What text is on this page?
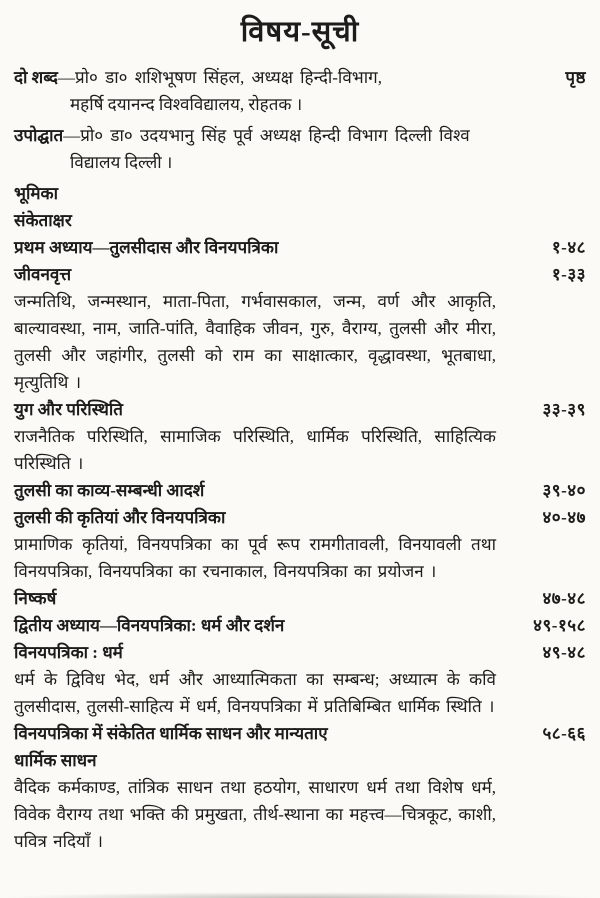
विषय-सूची
दो शब्द —प्रो० डा० शशिभूषण सिंहल, अध्यक्ष हिन्दी-विभाग,	पृष्ठ
महर्षि दयानन्द विश्वविद्यालय, रोहतक ।
उपोद्घात —प्रो० डा० उदयभानु सिंह पूर्व अध्यक्ष हिन्दी विभाग दिल्ली विश्व
विद्यालय दिल्ली ।
भूमिका
संकेताक्षर
प्रथम अध्याय—तुलसीदास और विनयपत्रिका	१-४८
जीवनवृत्त	१-३३

जन्मतिथि, जन्मस्थान, माता-पिता, गर्भवासकाल, जन्म, वर्ण और आकृति, बाल्यावस्था, नाम, जाति-पांति, वैवाहिक जीवन, गुरु, वैराग्य, तुलसी और मीरा, तुलसी और जहांगीर, तुलसी को राम का साक्षात्कार, वृद्धावस्था, भूतबाधा, मृत्युतिथि ।

युग और परिस्थिति	३३-३९

राजनैतिक परिस्थिति, सामाजिक परिस्थिति, धार्मिक परिस्थिति, साहित्यिक परिस्थिति ।

तुलसी का काव्य-सम्बन्धी आदर्श	३९-४०
तुलसी की कृतियां और विनयपत्रिका	४०-४७

प्रामाणिक कृतियां, विनयपत्रिका का पूर्व रूप रामगीतावली, विनयावली तथा विनयपत्रिका, विनयपत्रिका का रचनाकाल, विनयपत्रिका का प्रयोजन ।

निष्कर्ष	४७-४८
द्वितीय अध्याय—विनयपत्रिका: धर्म और दर्शन	४९-१५८
विनयपत्रिका : धर्म	४९-४८

धर्म के द्विविध भेद, धर्म और आध्यात्मिकता का सम्बन्ध; अध्यात्म के कवि तुलसीदास, तुलसी-साहित्य में धर्म, विनयपत्रिका में प्रतिबिम्बित धार्मिक स्थिति ।

विनयपत्रिका में संकेतित धार्मिक साधन और मान्यताए	५८-६६
धार्मिक साधन

वैदिक कर्मकाण्ड, तांत्रिक साधन तथा हठयोग, साधारण धर्म तथा विशेष धर्म, विवेक वैराग्य तथा भक्ति की प्रमुखता, तीर्थ-स्थाना का महत्त्व—चित्रकूट, काशी, पवित्र नदियाँ ।
